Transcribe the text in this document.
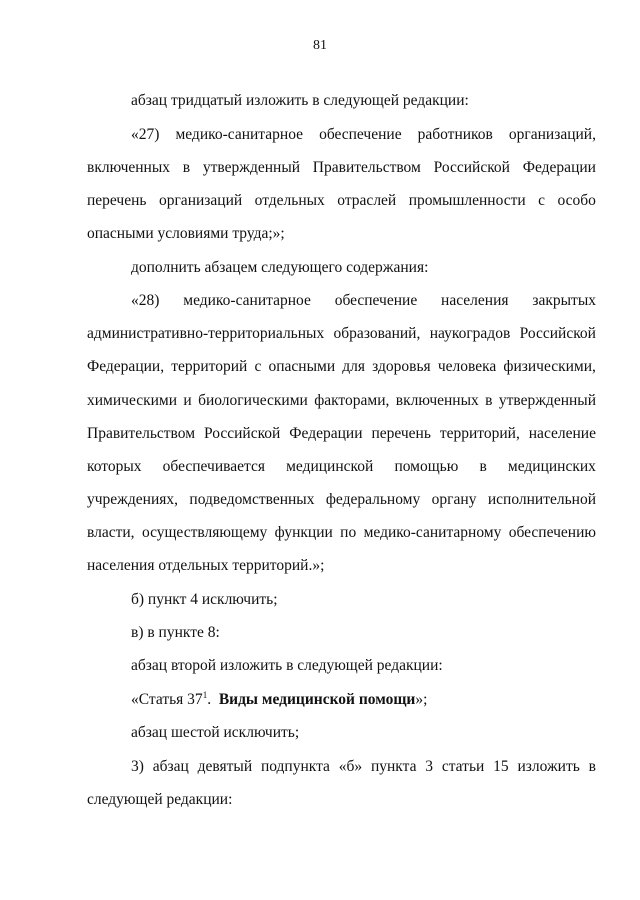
81
абзац тридцатый изложить в следующей редакции:
«27) медико-санитарное обеспечение работников организаций,
включенных в утвержденный Правительством Российской Федерации
перечень организаций отдельных отраслей промышленности с особо
опасными условиями труда;»;
дополнить абзацем следующего содержания:
«28) медико-санитарное обеспечение населения закрытых
административно-территориальных образований, наукоградов Российской
Федерации, территорий с опасными для здоровья человека физическими,
химическими и биологическими факторами, включенных в утвержденный
Правительством Российской Федерации перечень территорий, население
которых обеспечивается медицинской помощью в медицинских
учреждениях, подведомственных федеральному органу исполнительной
власти, осуществляющему функции по медико-санитарному обеспечению
населения отдельных территорий.»;
б) пункт 4 исключить;
в) в пункте 8:
абзац второй изложить в следующей редакции:
«Статья $37^1$.  Виды медицинской помощи»;
абзац шестой исключить;
3) абзац девятый подпункта «б» пункта 3 статьи 15 изложить в
следующей редакции:
